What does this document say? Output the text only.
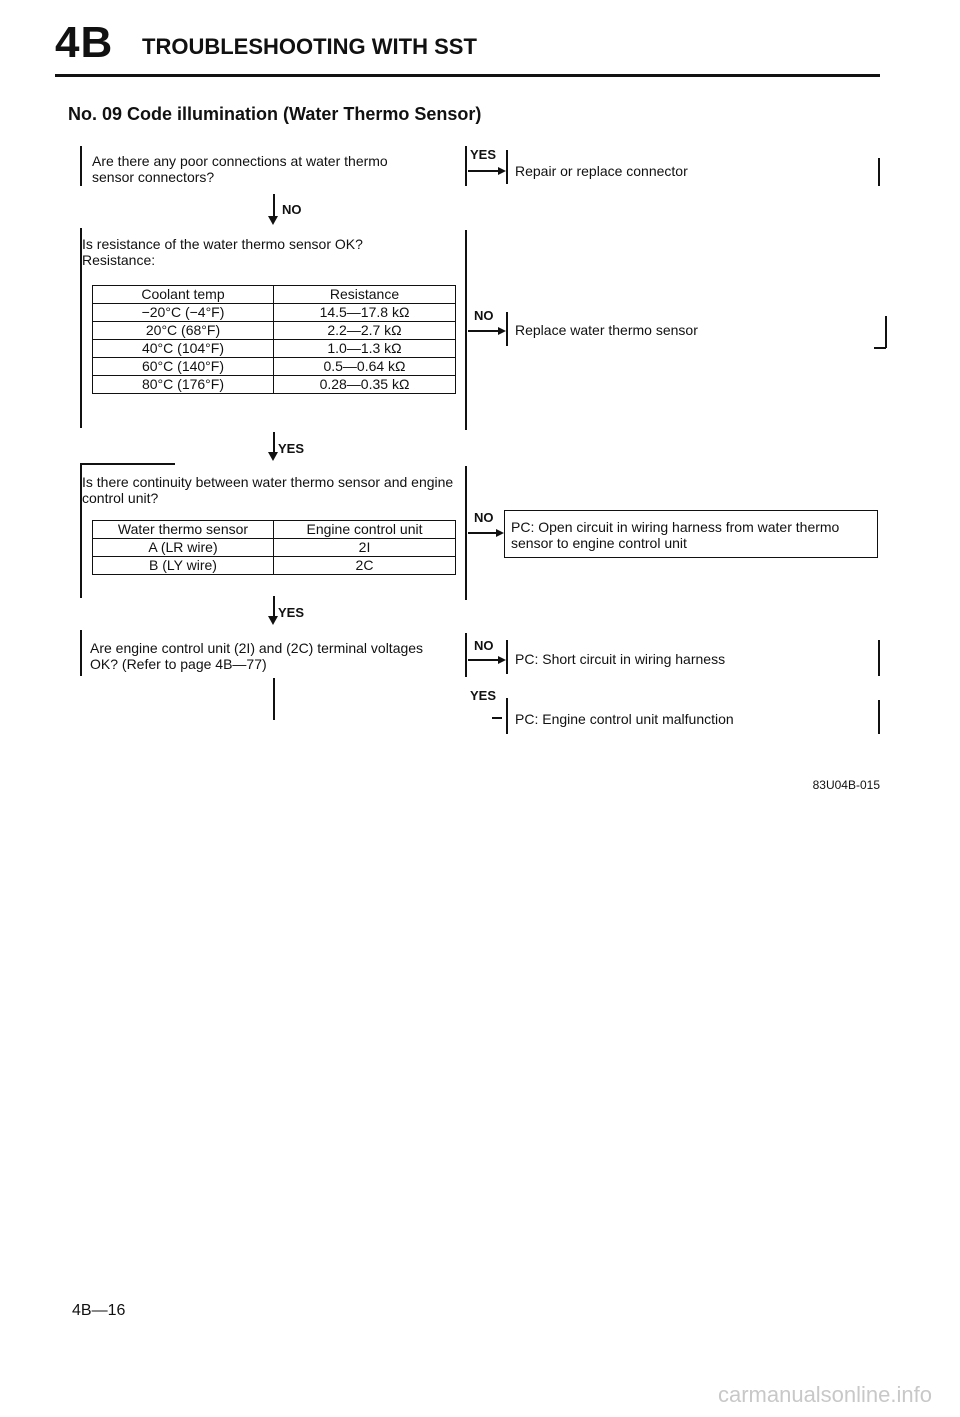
4B TROUBLESHOOTING WITH SST
No. 09 Code illumination (Water Thermo Sensor)
Are there any poor connections at water thermo sensor connectors?
YES
Repair or replace connector
NO
Is resistance of the water thermo sensor OK?
Resistance:
Coolant temp	Resistance
−20°C (−4°F)	14.5—17.8 kΩ
20°C (68°F)	2.2—2.7 kΩ
40°C (104°F)	1.0—1.3 kΩ
60°C (140°F)	0.5—0.64 kΩ
80°C (176°F)	0.28—0.35 kΩ
NO
Replace water thermo sensor
YES
Is there continuity between water thermo sensor and engine control unit?
Water thermo sensor	Engine control unit
A (LR wire)	2I
B (LY wire)	2C
NO
PC: Open circuit in wiring harness from water thermo sensor to engine control unit
YES
Are engine control unit (2I) and (2C) terminal voltages OK? (Refer to page 4B—77)
NO
PC: Short circuit in wiring harness
YES
PC: Engine control unit malfunction
83U04B-015
4B—16
carmanualsonline.info
